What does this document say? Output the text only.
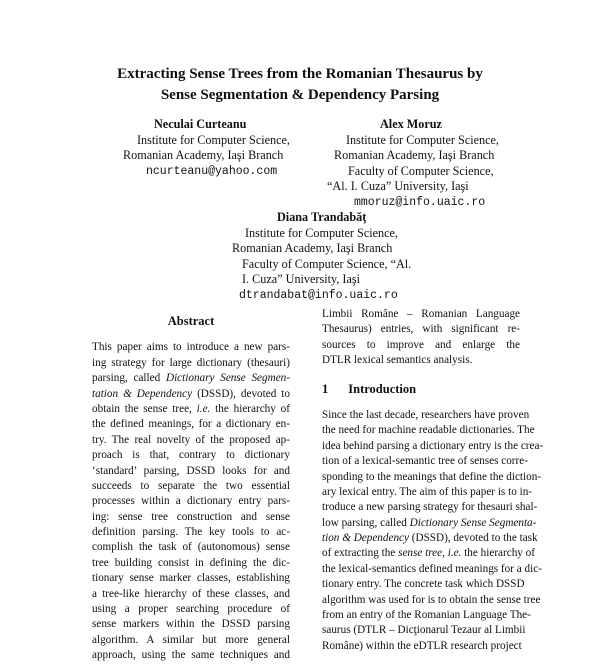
Extracting Sense Trees from the Romanian Thesaurus by
Sense Segmentation & Dependency Parsing
Neculai Curteanu
Institute for Computer Science,
Romanian Academy, Iaşi Branch
ncurteanu@yahoo.com
Alex Moruz
Institute for Computer Science,
Romanian Academy, Iaşi Branch
Faculty of Computer Science,
“Al. I. Cuza” University, Iaşi
mmoruz@info.uaic.ro
Diana Trandabăţ
Institute for Computer Science,
Romanian Academy, Iaşi Branch
Faculty of Computer Science, “Al.
I. Cuza” University, Iaşi
dtrandabat@info.uaic.ro
Abstract
This paper aims to introduce a new pars-
ing strategy for large dictionary (thesauri)
parsing, called Dictionary Sense Segmen-
tation & Dependency (DSSD), devoted to
obtain the sense tree, i.e. the hierarchy of
the defined meanings, for a dictionary en-
try. The real novelty of the proposed ap-
proach is that, contrary to dictionary
‘standard’ parsing, DSSD looks for and
succeeds to separate the two essential
processes within a dictionary entry pars-
ing: sense tree construction and sense
definition parsing. The key tools to ac-
complish the task of (autonomous) sense
tree building consist in defining the dic-
tionary sense marker classes, establishing
a tree-like hierarchy of these classes, and
using a proper searching procedure of
sense markers within the DSSD parsing
algorithm. A similar but more general
approach, using the same techniques and
Limbii Române – Romanian Language
Thesaurus) entries, with significant re-
sources to improve and enlarge the
DTLR lexical semantics analysis.
1 Introduction
Since the last decade, researchers have proven
the need for machine readable dictionaries. The
idea behind parsing a dictionary entry is the crea-
tion of a lexical-semantic tree of senses corre-
sponding to the meanings that define the diction-
ary lexical entry. The aim of this paper is to in-
troduce a new parsing strategy for thesauri shal-
low parsing, called Dictionary Sense Segmenta-
tion & Dependency (DSSD), devoted to the task
of extracting the sense tree, i.e. the hierarchy of
the lexical-semantics defined meanings for a dic-
tionary entry. The concrete task which DSSD
algorithm was used for is to obtain the sense tree
from an entry of the Romanian Language The-
saurus (DTLR – Dicţionarul Tezaur al Limbii
Române) within the eDTLR research project
